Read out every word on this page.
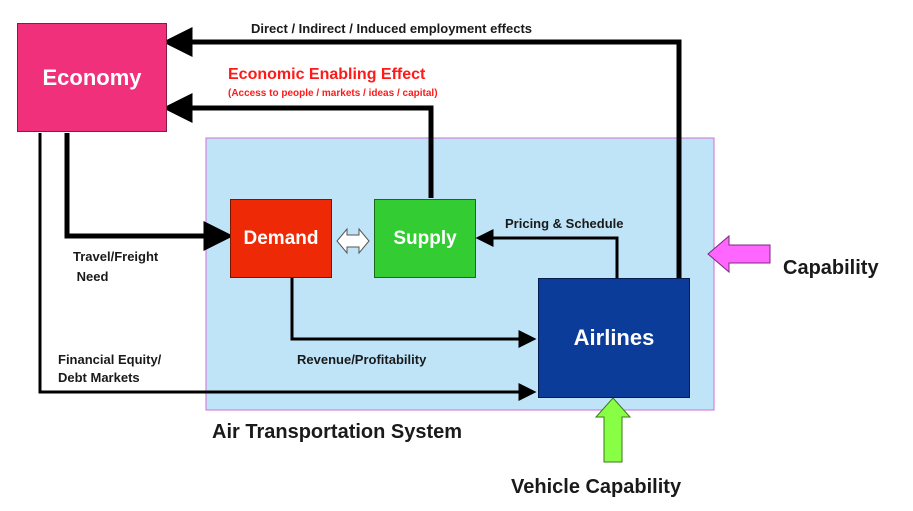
Economy
Demand	Supply
Airlines
Direct / Indirect / Induced employment effects
Economic Enabling Effect
(Access to people / markets / ideas / capital)
Travel/Freight
Need
Pricing & Schedule
Revenue/Profitability
Financial Equity/
Debt Markets
Air Transportation System
Capability
Vehicle Capability
